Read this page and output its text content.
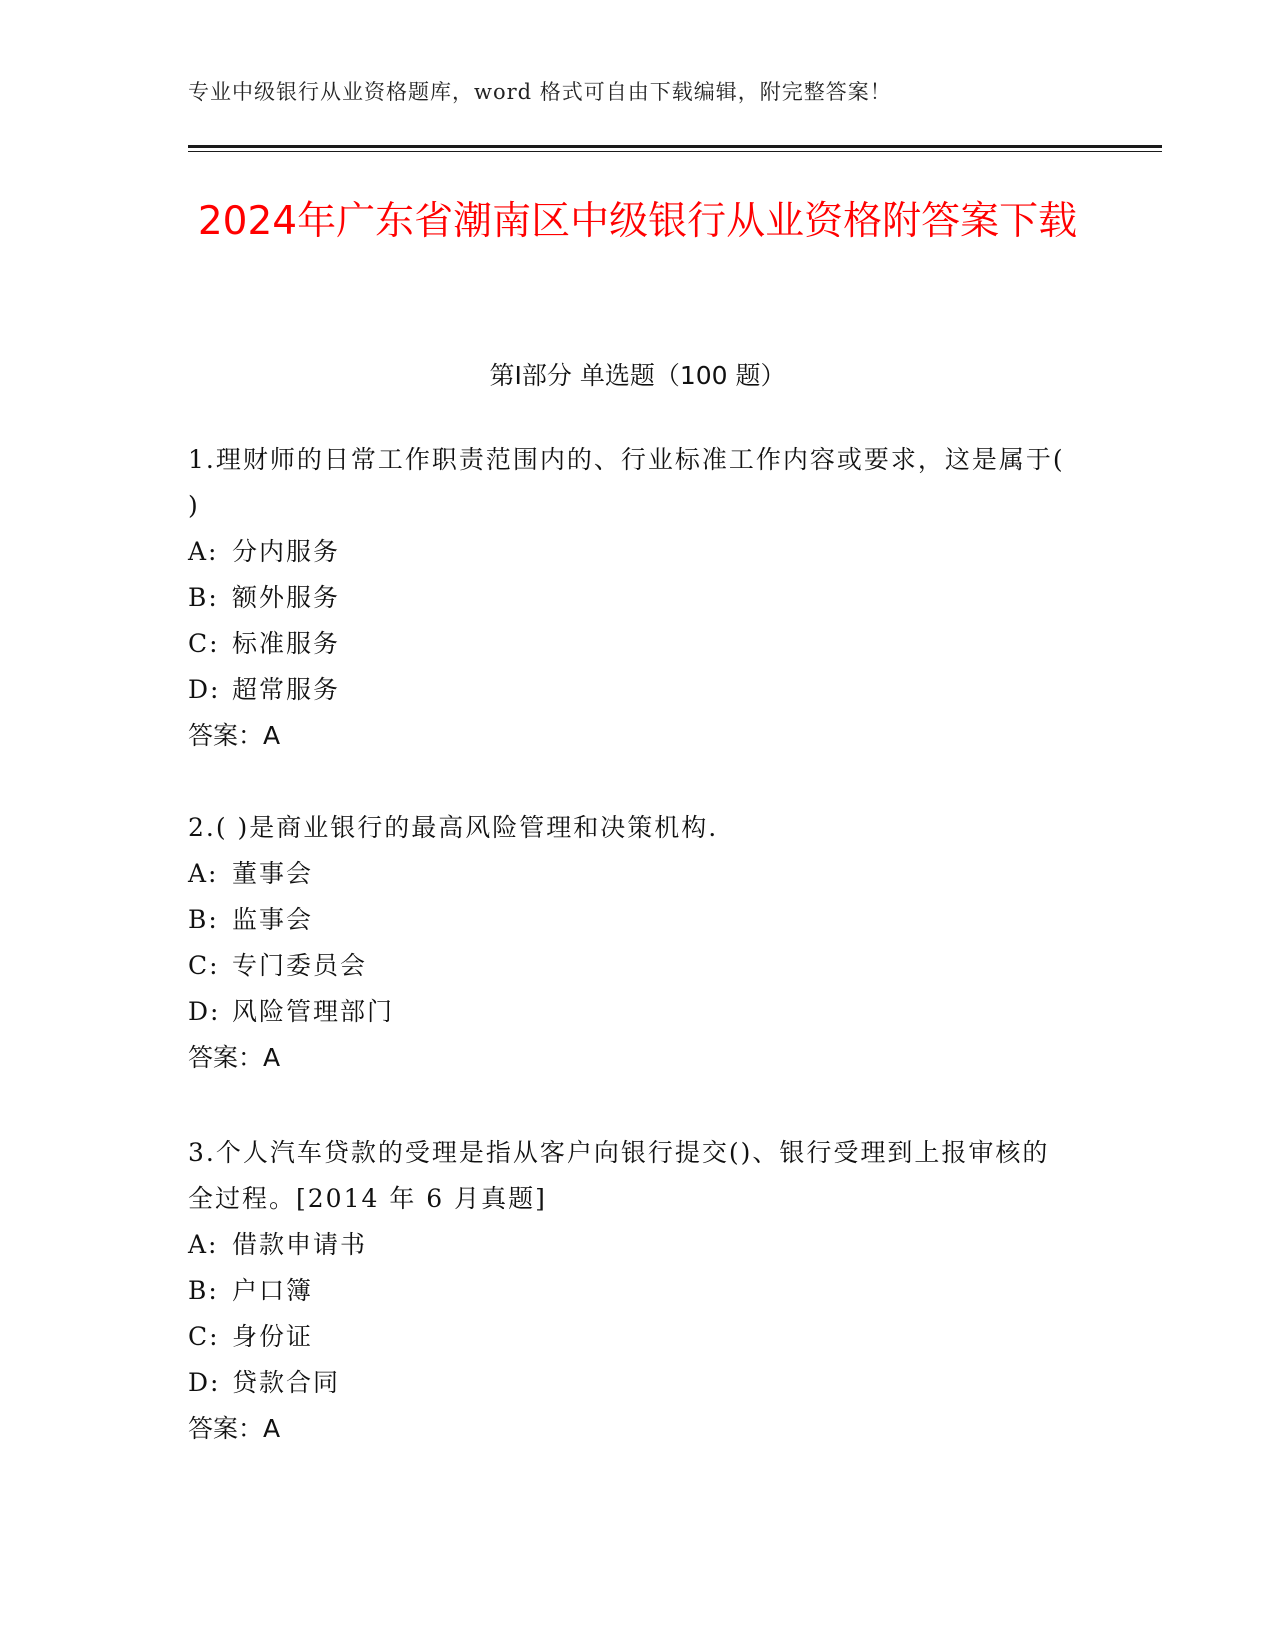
专业中级银行从业资格题库，word 格式可自由下载编辑，附完整答案！
2024年广东省潮南区中级银行从业资格附答案下载
第Ⅰ部分 单选题（100 题）
1.理财师的日常工作职责范围内的、行业标准工作内容或要求，这是属于( )
A: 分内服务
B: 额外服务
C: 标准服务
D: 超常服务
答案：A
2.( )是商业银行的最高风险管理和决策机构.
A: 董事会
B: 监事会
C: 专门委员会
D: 风险管理部门
答案：A
3.个人汽车贷款的受理是指从客户向银行提交()、银行受理到上报审核的全过程。[2014 年 6 月真题]
A: 借款申请书
B: 户口簿
C: 身份证
D: 贷款合同
答案：A
